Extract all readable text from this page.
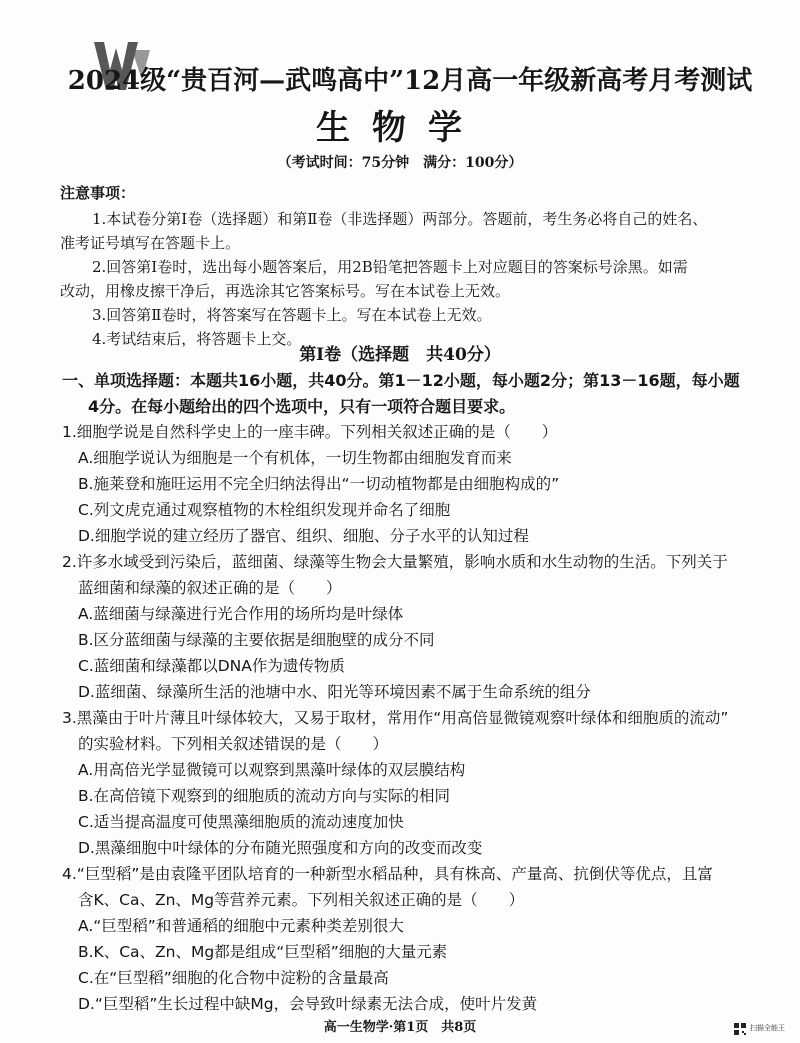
2024级“贵百河—武鸣高中”12月高一年级新高考月考测试
生物学
（考试时间：75分钟　满分：100分）
注意事项：
1.本试卷分第Ⅰ卷（选择题）和第Ⅱ卷（非选择题）两部分。答题前，考生务必将自己的姓名、
准考证号填写在答题卡上。
2.回答第Ⅰ卷时，选出每小题答案后，用2B铅笔把答题卡上对应题目的答案标号涂黑。如需
改动，用橡皮擦干净后，再选涂其它答案标号。写在本试卷上无效。
3.回答第Ⅱ卷时，将答案写在答题卡上。写在本试卷上无效。
4.考试结束后，将答题卡上交。
第Ⅰ卷（选择题　共40分）
一、单项选择题：本题共16小题，共40分。第1－12小题，每小题2分；第13－16题，每小题
4分。在每小题给出的四个选项中，只有一项符合题目要求。
1.细胞学说是自然科学史上的一座丰碑。下列相关叙述正确的是（　　）
A.细胞学说认为细胞是一个有机体，一切生物都由细胞发育而来
B.施莱登和施旺运用不完全归纳法得出“一切动植物都是由细胞构成的”
C.列文虎克通过观察植物的木栓组织发现并命名了细胞
D.细胞学说的建立经历了器官、组织、细胞、分子水平的认知过程
2.许多水域受到污染后，蓝细菌、绿藻等生物会大量繁殖，影响水质和水生动物的生活。下列关于
蓝细菌和绿藻的叙述正确的是（　　）
A.蓝细菌与绿藻进行光合作用的场所均是叶绿体
B.区分蓝细菌与绿藻的主要依据是细胞壁的成分不同
C.蓝细菌和绿藻都以DNA作为遗传物质
D.蓝细菌、绿藻所生活的池塘中水、阳光等环境因素不属于生命系统的组分
3.黑藻由于叶片薄且叶绿体较大，又易于取材，常用作“用高倍显微镜观察叶绿体和细胞质的流动”
的实验材料。下列相关叙述错误的是（　　）
A.用高倍光学显微镜可以观察到黑藻叶绿体的双层膜结构
B.在高倍镜下观察到的细胞质的流动方向与实际的相同
C.适当提高温度可使黑藻细胞质的流动速度加快
D.黑藻细胞中叶绿体的分布随光照强度和方向的改变而改变
4.“巨型稻”是由袁隆平团队培育的一种新型水稻品种，具有株高、产量高、抗倒伏等优点，且富
含K、Ca、Zn、Mg等营养元素。下列相关叙述正确的是（　　）
A.“巨型稻”和普通稻的细胞中元素种类差别很大
B.K、Ca、Zn、Mg都是组成“巨型稻”细胞的大量元素
C.在“巨型稻”细胞的化合物中淀粉的含量最高
D.“巨型稻”生长过程中缺Mg，会导致叶绿素无法合成，使叶片发黄
高一生物学·第1页　共8页	扫描全能王
